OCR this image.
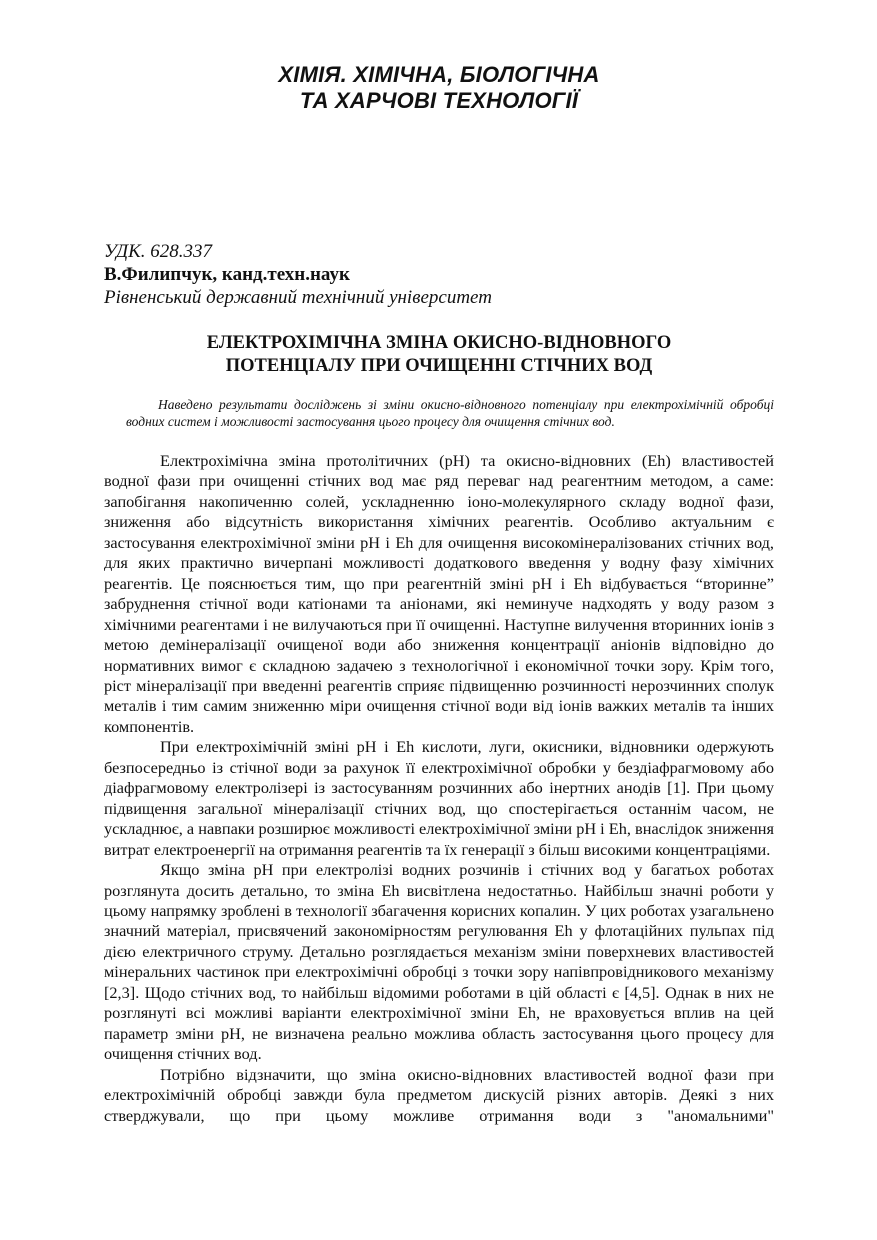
ХІМІЯ. ХІМІЧНА, БІОЛОГІЧНА
ТА ХАРЧОВІ ТЕХНОЛОГІЇ
УДК. 628.337
В.Филипчук, канд.техн.наук
Рівненський державний технічний університет
ЕЛЕКТРОХІМІЧНА ЗМІНА ОКИСНО-ВІДНОВНОГО
ПОТЕНЦІАЛУ ПРИ ОЧИЩЕННІ СТІЧНИХ ВОД

Наведено результати досліджень зі зміни окисно-відновного потенціалу при електрохімічній обробці водних систем і можливості застосування цього процесу для очищення стічних вод.

Електрохімічна зміна протолітичних (pH) та окисно-відновних (Eh) властивостей водної фази при очищенні стічних вод має ряд переваг над реагентним методом, а саме: запобігання накопиченню солей, ускладненню іоно-молекулярного складу водної фази, зниження або відсутність використання хімічних реагентів. Особливо актуальним є застосування електрохімічної зміни pH і Eh для очищення високомінералізованих стічних вод, для яких практично вичерпані можливості додаткового введення у водну фазу хімічних реагентів. Це пояснюється тим, що при реагентній зміні pH і Eh відбувається “вторинне” забруднення стічної води катіонами та аніонами, які неминуче надходять у воду разом з хімічними реагентами і не вилучаються при її очищенні. Наступне вилучення вторинних іонів з метою демінералізації очищеної води або зниження концентрації аніонів відповідно до нормативних вимог є складною задачею з технологічної і економічної точки зору. Крім того, ріст мінералізації при введенні реагентів сприяє підвищенню розчинності нерозчинних сполук металів і тим самим зниженню міри очищення стічної води від іонів важких металів та інших компонентів.

При електрохімічній зміні pH і Eh кислоти, луги, окисники, відновники одержують безпосередньо із стічної води за рахунок її електрохімічної обробки у бездіафрагмовому або діафрагмовому електролізері із застосуванням розчинних або інертних анодів [1]. При цьому підвищення загальної мінералізації стічних вод, що спостерігається останнім часом, не ускладнює, а навпаки розширює можливості електрохімічної зміни pH і Eh, внаслідок зниження витрат електроенергії на отримання реагентів та їх генерації з більш високими концентраціями.

Якщо зміна pH при електролізі водних розчинів і стічних вод у багатьох роботах розглянута досить детально, то зміна Eh висвітлена недостатньо. Найбільш значні роботи у цьому напрямку зроблені в технології збагачення корисних копалин. У цих роботах узагальнено значний матеріал, присвячений закономірностям регулювання Eh у флотаційних пульпах під дією електричного струму. Детально розглядається механізм зміни поверхневих властивостей мінеральних частинок при електрохімічні обробці з точки зору напівпровідникового механізму [2,3]. Щодо стічних вод, то найбільш відомими роботами в цій області є [4,5]. Однак в них не розглянуті всі можливі варіанти електрохімічної зміни Eh, не враховується вплив на цей параметр зміни pH, не визначена реально можлива область застосування цього процесу для очищення стічних вод.

Потрібно відзначити, що зміна окисно-відновних властивостей водної фази при електрохімічній обробці завжди була предметом дискусій різних авторів. Деякі з них стверджували, що при цьому можливе отримання води з "аномальними"
